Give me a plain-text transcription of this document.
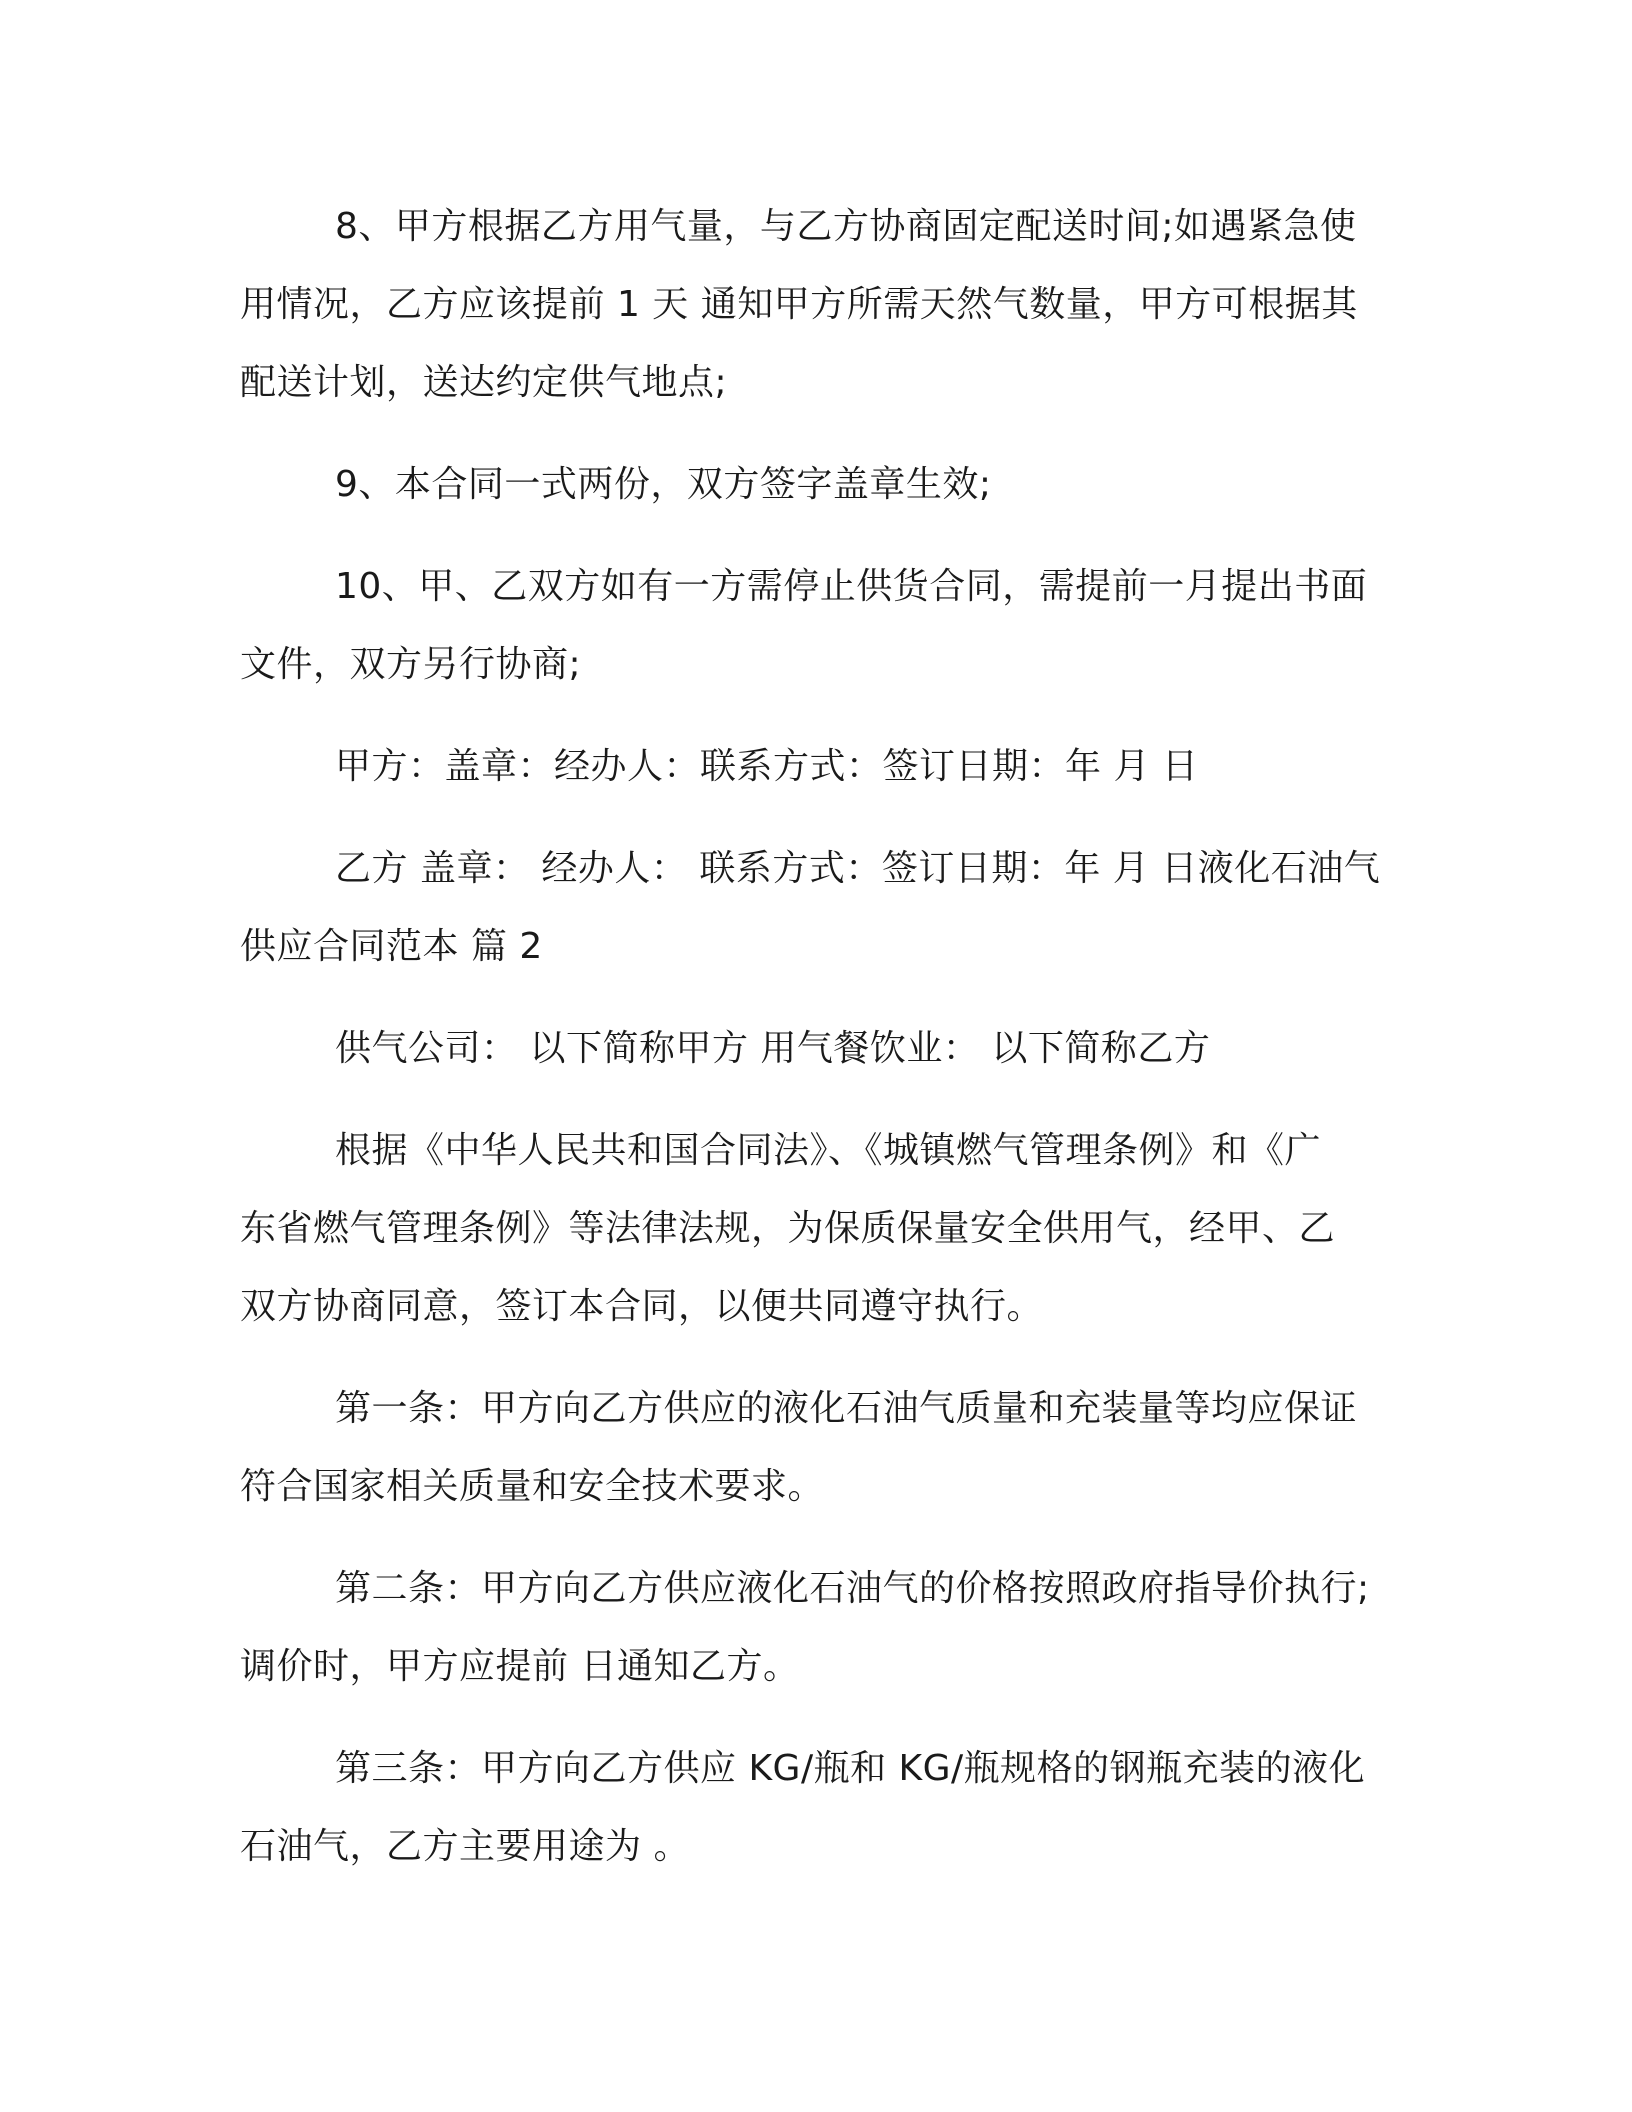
8、甲方根据乙方用气量，与乙方协商固定配送时间;如遇紧急使
用情况，乙方应该提前 1 天 通知甲方所需天然气数量，甲方可根据其
配送计划，送达约定供气地点;
9、本合同一式两份，双方签字盖章生效;
10、甲、乙双方如有一方需停止供货合同，需提前一月提出书面
文件，双方另行协商;
甲方：盖章：经办人：联系方式：签订日期：年 月 日
乙方 盖章： 经办人： 联系方式：签订日期：年 月 日液化石油气
供应合同范本 篇 2
供气公司： 以下简称甲方 用气餐饮业： 以下简称乙方
根据《中华人民共和国合同法》、《城镇燃气管理条例》和《广
东省燃气管理条例》等法律法规，为保质保量安全供用气，经甲、乙
双方协商同意，签订本合同，以便共同遵守执行。
第一条：甲方向乙方供应的液化石油气质量和充装量等均应保证
符合国家相关质量和安全技术要求。
第二条：甲方向乙方供应液化石油气的价格按照政府指导价执行;
调价时，甲方应提前 日通知乙方。
第三条：甲方向乙方供应 KG/瓶和 KG/瓶规格的钢瓶充装的液化
石油气，乙方主要用途为 。
